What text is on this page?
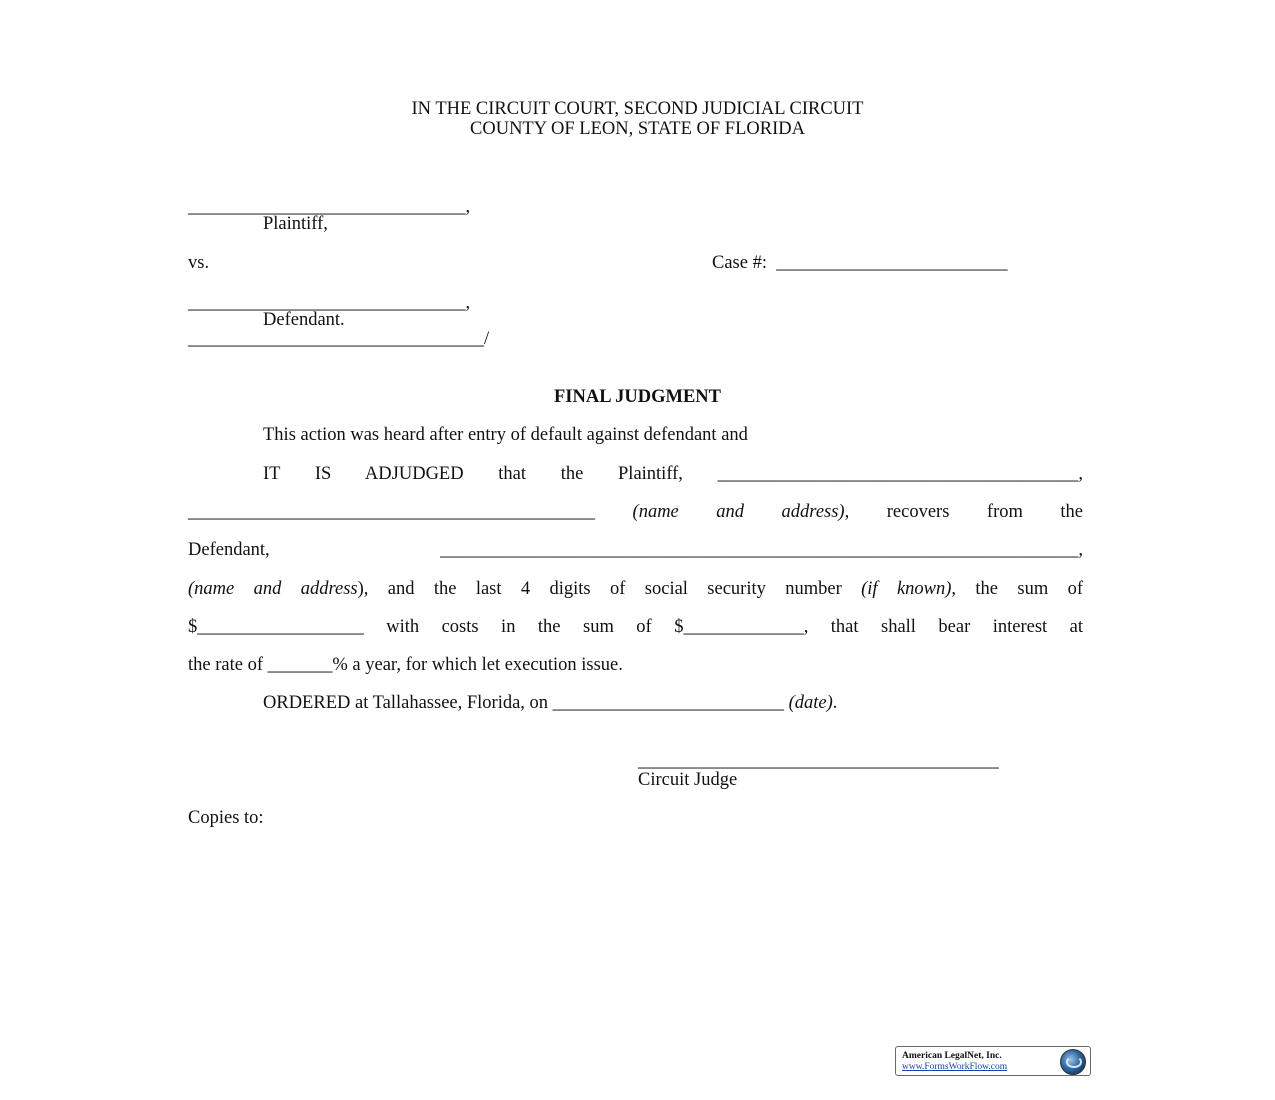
IN THE CIRCUIT COURT, SECOND JUDICIAL CIRCUIT
COUNTY OF LEON, STATE OF FLORIDA
______________________________,
Plaintiff,
vs.	Case #: _________________________
______________________________,
Defendant.
________________________________/
FINAL JUDGMENT
This action was heard after entry of default against defendant and
IT IS ADJUDGED that the Plaintiff, _______________________________________,
____________________________________________ (name and address), recovers from the
Defendant, _____________________________________________________________________,
(name and address), and the last 4 digits of social security number (if known), the sum of
$__________________ with costs in the sum of $_____________, that shall bear interest at
the rate of _______% a year, for which let execution issue.
ORDERED at Tallahassee, Florida, on _________________________ (date).
_______________________________________
Circuit Judge
Copies to:
American LegalNet, Inc.
www.FormsWorkFlow.com
